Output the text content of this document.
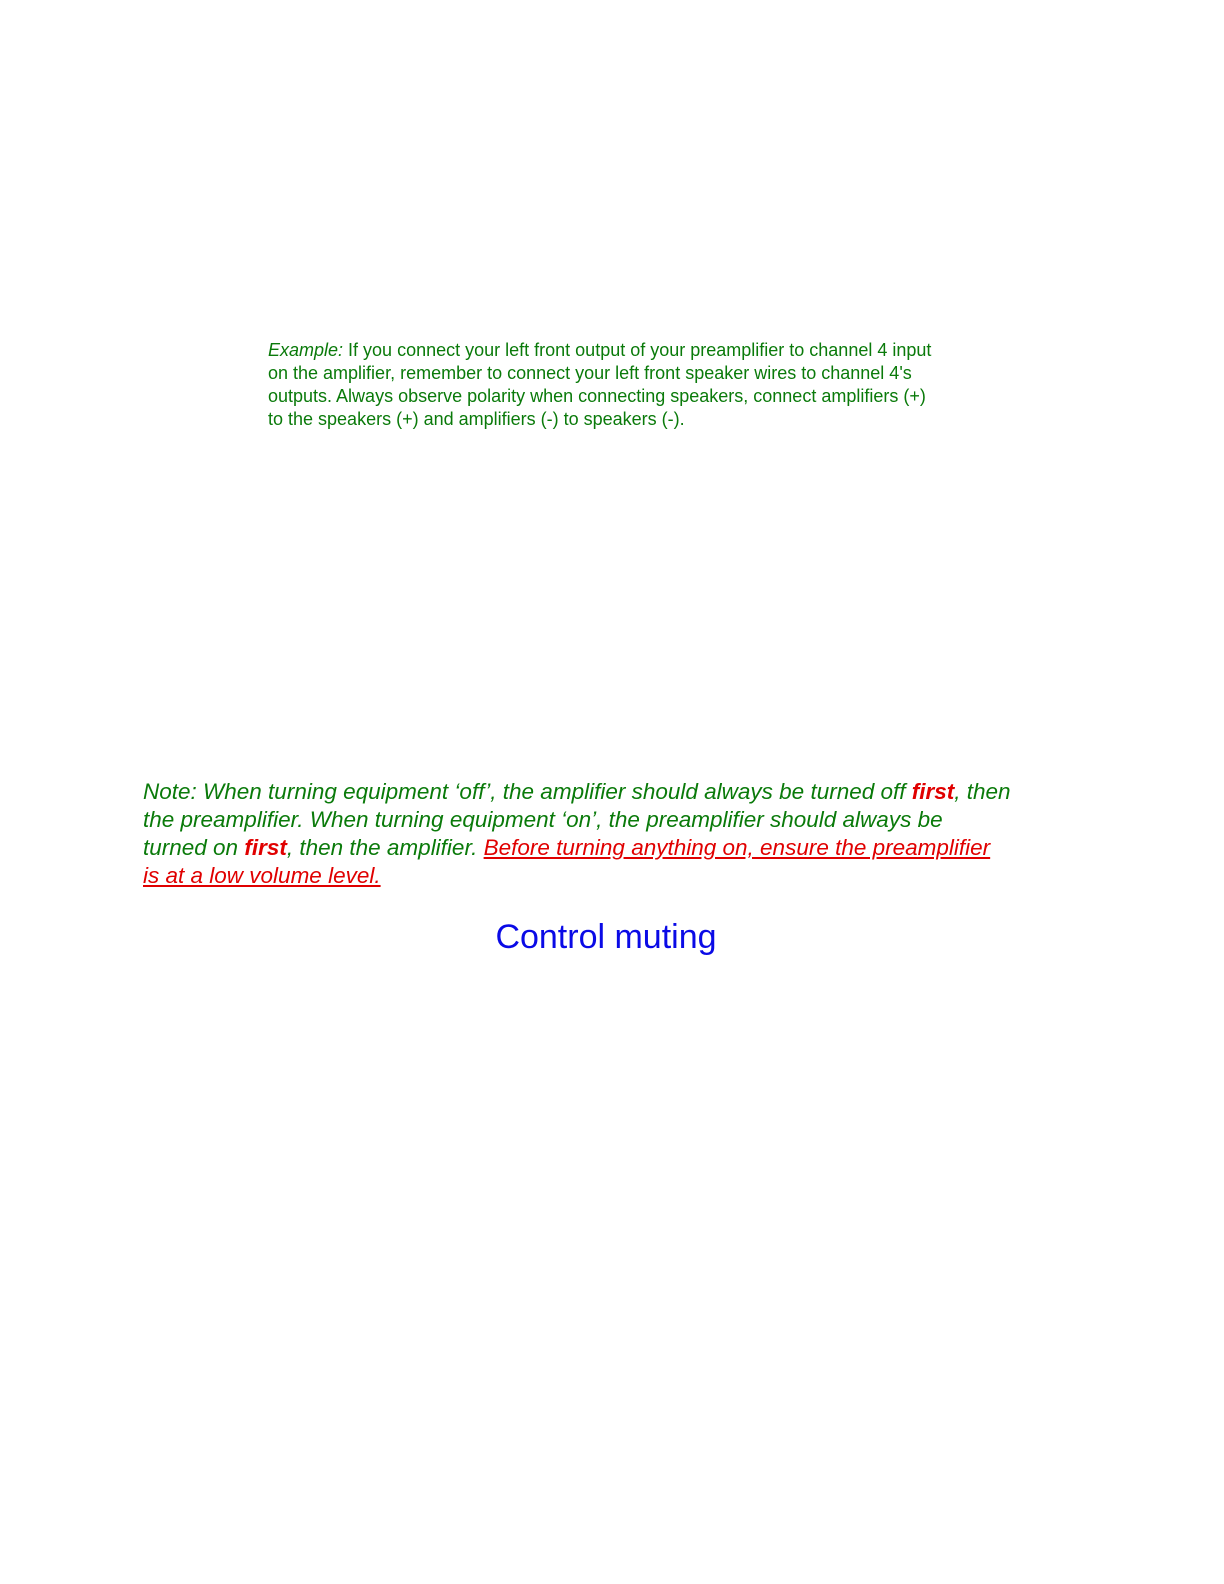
Example: If you connect your left front output of your preamplifier to channel 4 input
on the amplifier, remember to connect your left front speaker wires to channel 4's
outputs. Always observe polarity when connecting speakers, connect amplifiers (+)
to the speakers (+) and amplifiers (-) to speakers (-).
Note: When turning equipment ‘off’, the amplifier should always be turned off first, then
the preamplifier. When turning equipment ‘on’, the preamplifier should always be
turned on first, then the amplifier. Before turning anything on, ensure the preamplifier
is at a low volume level.
Control muting
